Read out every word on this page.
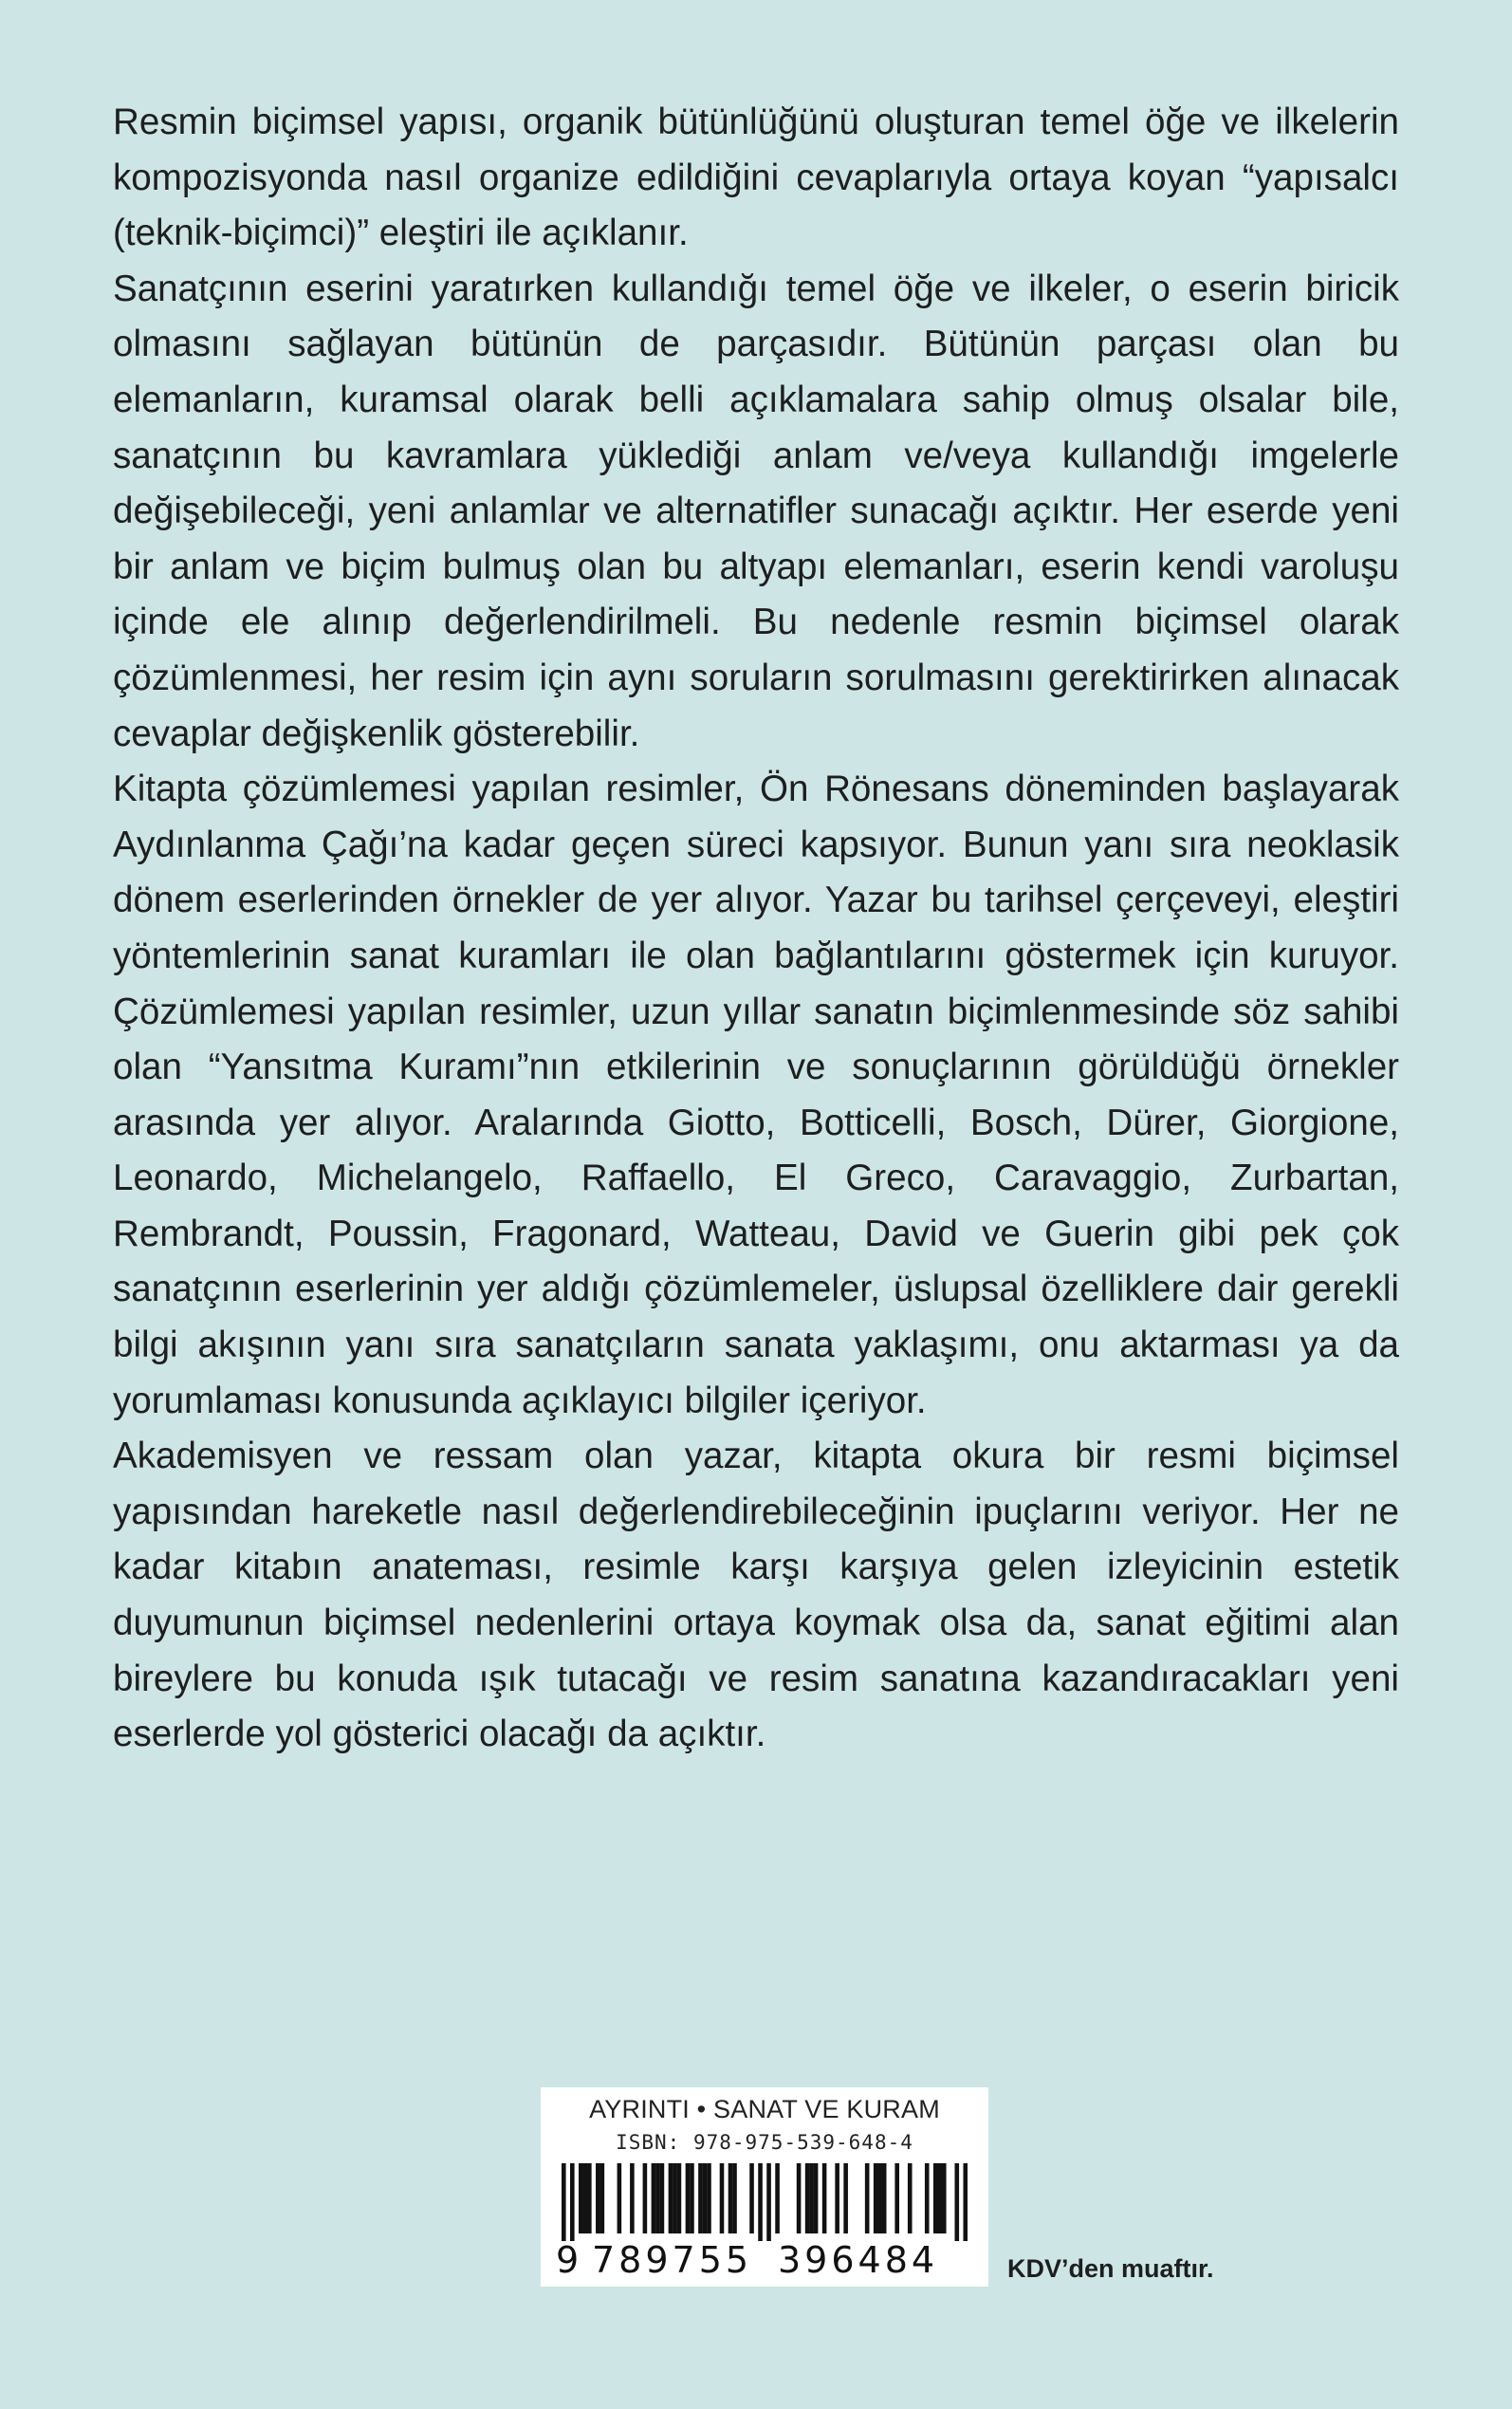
Resmin biçimsel yapısı, organik bütünlüğünü oluşturan temel öğe ve ilkelerin kompozisyonda nasıl organize edildiğini cevaplarıyla ortaya koyan “yapısalcı (teknik-biçimci)” eleştiri ile açıklanır.

Sanatçının eserini yaratırken kullandığı temel öğe ve ilkeler, o eserin biricik olmasını sağlayan bütünün de parçasıdır. Bütünün parçası olan bu elemanların, kuramsal olarak belli açıklamalara sahip olmuş olsalar bile, sanatçının bu kavramlara yüklediği anlam ve/veya kullandığı imgelerle değişebileceği, yeni anlamlar ve alternatifler sunacağı açıktır. Her eserde yeni bir anlam ve biçim bulmuş olan bu altyapı elemanları, eserin kendi varoluşu içinde ele alınıp değerlendirilmeli. Bu nedenle resmin biçimsel olarak çözümlenmesi, her resim için aynı soruların sorulmasını gerektirirken alınacak cevaplar değişkenlik gösterebilir.

Kitapta çözümlemesi yapılan resimler, Ön Rönesans döneminden başlayarak Aydınlanma Çağı’na kadar geçen süreci kapsıyor. Bunun yanı sıra neoklasik dönem eserlerinden örnekler de yer alıyor. Yazar bu tarihsel çerçeveyi, eleştiri yöntemlerinin sanat kuramları ile olan bağlantılarını göstermek için kuruyor. Çözümlemesi yapılan resimler, uzun yıllar sanatın biçimlenmesinde söz sahibi olan “Yansıtma Kuramı”nın etkilerinin ve sonuçlarının görüldüğü örnekler arasında yer alıyor. Aralarında Giotto, Botticelli, Bosch, Dürer, Giorgione, Leonardo, Michelangelo, Raffaello, El Greco, Caravaggio, Zurbartan, Rembrandt, Poussin, Fragonard, Watteau, David ve Guerin gibi pek çok sanatçının eserlerinin yer aldığı çözümlemeler, üslupsal özelliklere dair gerekli bilgi akışının yanı sıra sanatçıların sanata yaklaşımı, onu aktarması ya da yorumlaması konusunda açıklayıcı bilgiler içeriyor.

Akademisyen ve ressam olan yazar, kitapta okura bir resmi biçimsel yapısından hareketle nasıl değerlendirebileceğinin ipuçlarını veriyor. Her ne kadar kitabın anateması, resimle karşı karşıya gelen izleyicinin estetik duyumunun biçimsel nedenlerini ortaya koymak olsa da, sanat eğitimi alan bireylere bu konuda ışık tutacağı ve resim sanatına kazandıracakları yeni eserlerde yol gösterici olacağı da açıktır.

AYRINTI • SANAT VE KURAM
ISBN: 978-975-539-648-4
9 789755 396484	KDV’den muaftır.
